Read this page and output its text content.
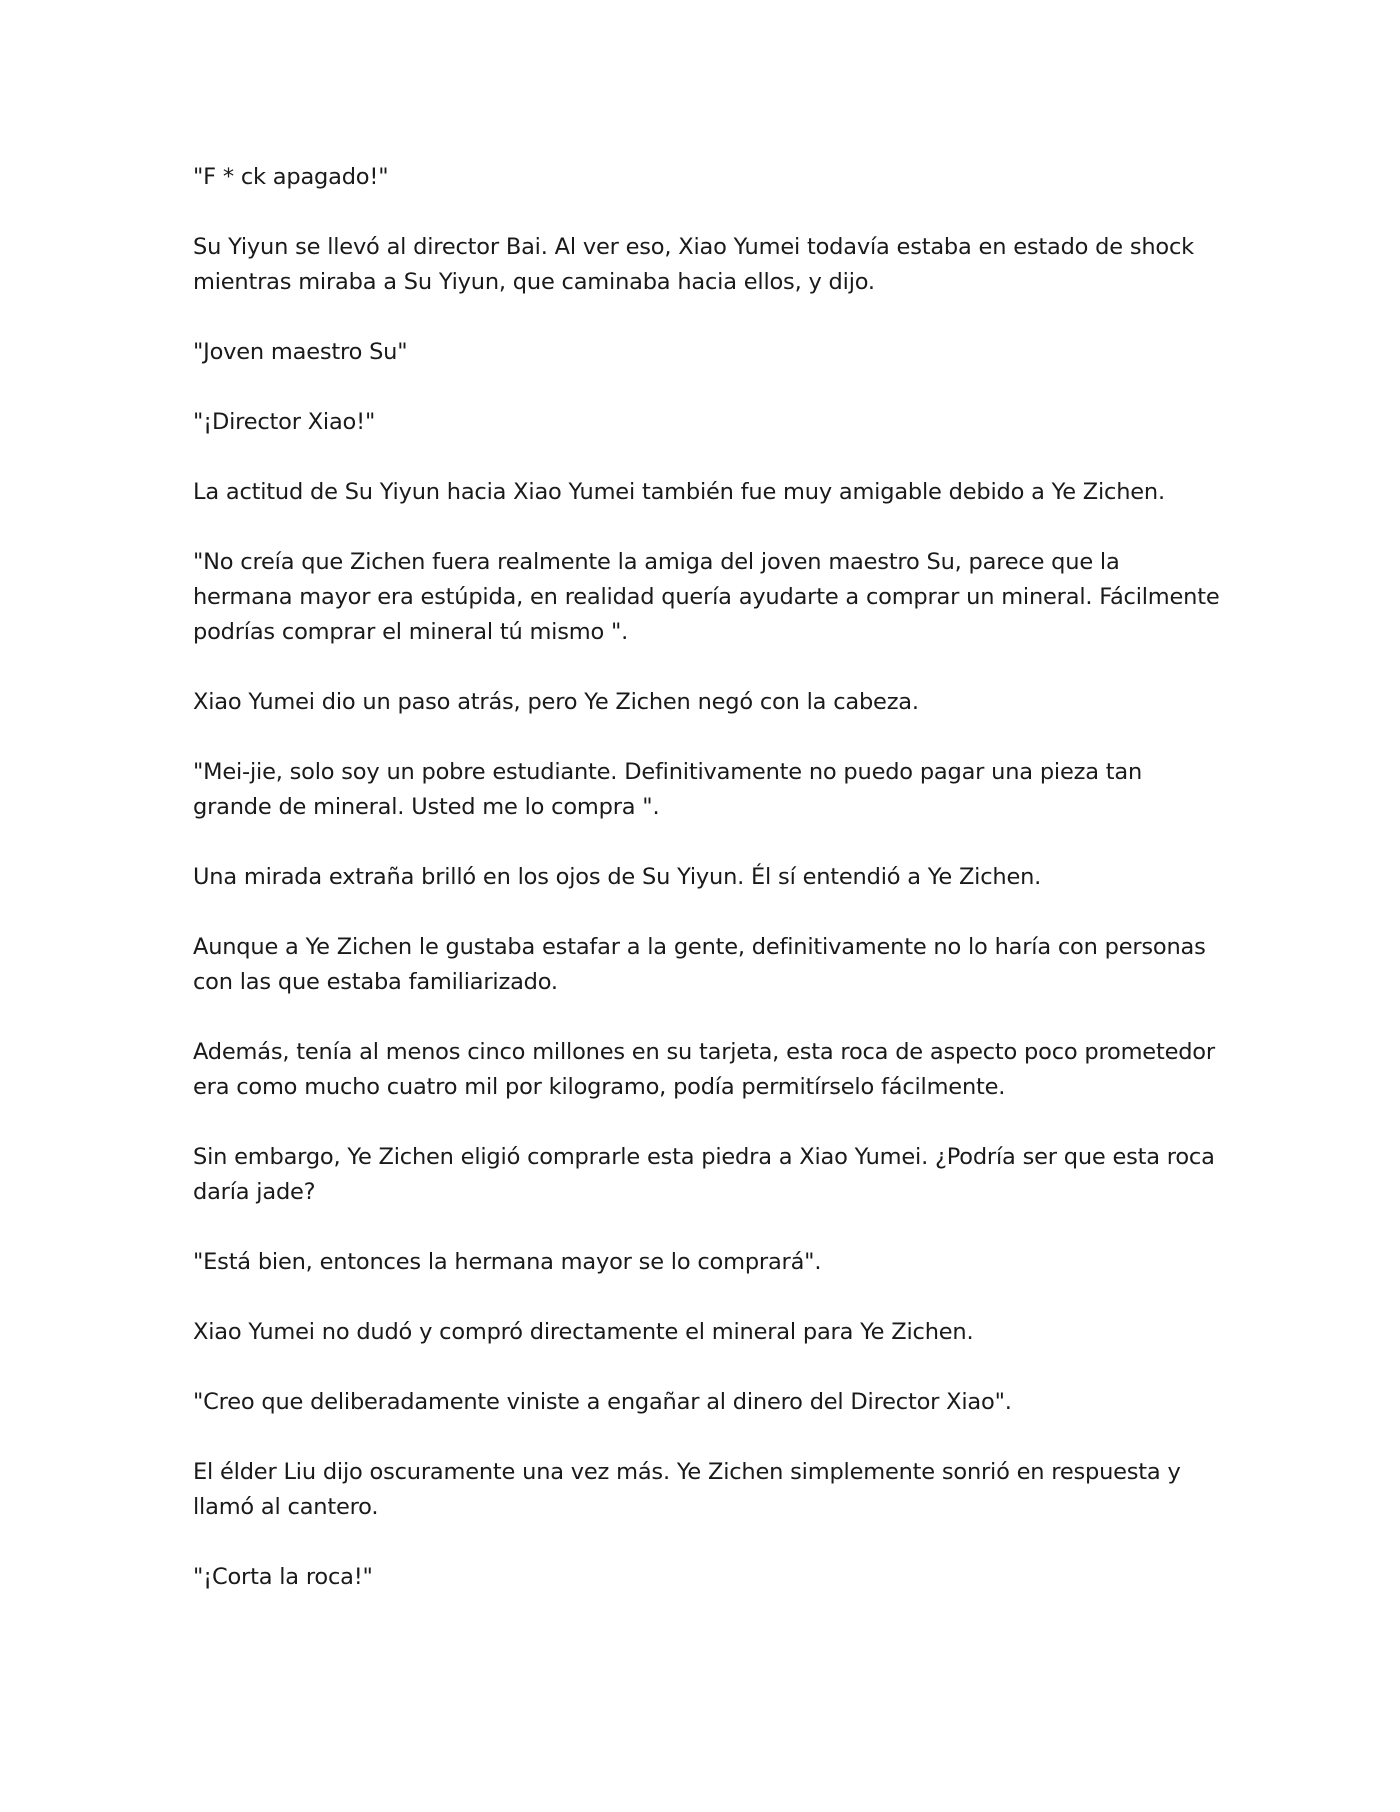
"F * ck apagado!"

Su Yiyun se llevó al director Bai. Al ver eso, Xiao Yumei todavía estaba en estado de shock mientras miraba a Su Yiyun, que caminaba hacia ellos, y dijo.

"Joven maestro Su"

"¡Director Xiao!"

La actitud de Su Yiyun hacia Xiao Yumei también fue muy amigable debido a Ye Zichen.

"No creía que Zichen fuera realmente la amiga del joven maestro Su, parece que la hermana mayor era estúpida, en realidad quería ayudarte a comprar un mineral. Fácilmente podrías comprar el mineral tú mismo ".

Xiao Yumei dio un paso atrás, pero Ye Zichen negó con la cabeza.

"Mei-jie, solo soy un pobre estudiante. Definitivamente no puedo pagar una pieza tan grande de mineral. Usted me lo compra ".

Una mirada extraña brilló en los ojos de Su Yiyun. Él sí entendió a Ye Zichen.

Aunque a Ye Zichen le gustaba estafar a la gente, definitivamente no lo haría con personas con las que estaba familiarizado.

Además, tenía al menos cinco millones en su tarjeta, esta roca de aspecto poco prometedor era como mucho cuatro mil por kilogramo, podía permitírselo fácilmente.

Sin embargo, Ye Zichen eligió comprarle esta piedra a Xiao Yumei. ¿Podría ser que esta roca daría jade?

"Está bien, entonces la hermana mayor se lo comprará".

Xiao Yumei no dudó y compró directamente el mineral para Ye Zichen.

"Creo que deliberadamente viniste a engañar al dinero del Director Xiao".

El élder Liu dijo oscuramente una vez más. Ye Zichen simplemente sonrió en respuesta y llamó al cantero.

"¡Corta la roca!"
